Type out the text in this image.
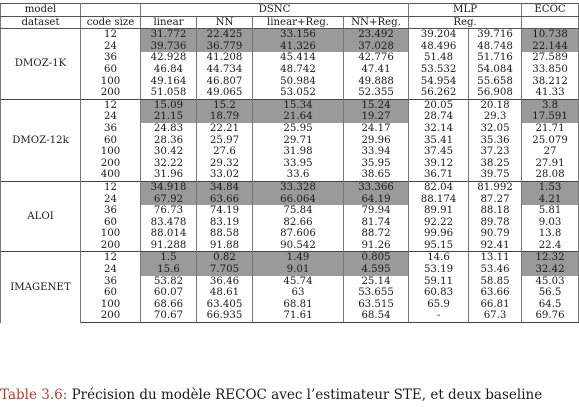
model		DSNC				MLP		ECOC
dataset	code size	linear	NN	linear+Reg.	NN+Reg.	Reg.		
DMOZ-1K	12	31.772	22.425	33.156	23.492	39.204	39.716	10.738
	24	39.736	36.779	41.326	37.028	48.496	48.748	22.144
	36	42.928	41.208	45.414	42.776	51.48	51.716	27.589
	60	46.84	44.734	48.742	47.41	53.532	54.084	33.850
	100	49.164	46.807	50.984	49.888	54.954	55.658	38.212
	200	51.058	49.065	53.052	52.355	56.262	56.908	41.33
DMOZ-12k	12	15.09	15.2	15.34	15.24	20.05	20.18	3.8
	24	21.15	18.79	21.64	19.27	28.74	29.3	17.591
	36	24.83	22.21	25.95	24.17	32.14	32.05	21.71
	60	28.36	25.97	29.71	29.96	35.41	35.36	25.079
	100	30.42	27.6	31.98	33.94	37.45	37.23	27
	200	32.22	29.32	33.95	35.95	39.12	38.25	27.91
	400	31.96	33.02	33.6	38.65	36.71	39.75	28.08
ALOI	12	34.918	34.84	33.328	33.366	82.04	81.992	1.53
	24	67.92	63.66	66.064	64.19	88.174	87.27	4.21
	36	76.73	74.19	75.84	79.94	89.91	88.18	5.81
	60	83.478	83.19	82.66	81.74	92.22	89.78	9.03
	100	88.014	88.58	87.606	88.72	99.96	90.79	13.8
	200	91.288	91.88	90.542	91.26	95.15	92.41	22.4
IMAGENET	12	1.5	0.82	1.49	0.805	14.6	13.11	12.32
	24	15.6	7.705	9.01	4.595	53.19	53.46	32.42
	36	53.82	36.46	45.74	25.14	59.11	58.85	45.03
	60	60.07	48.61	63	53.655	60.83	63.66	56.5
	100	68.66	63.405	68.81	63.515	65.9	66.81	64.5
	200	70.67	66.935	71.61	68.54	-	67.3	69.76
Table 3.6: Précision du modèle RECOC avec l’estimateur STE, et deux baseline
